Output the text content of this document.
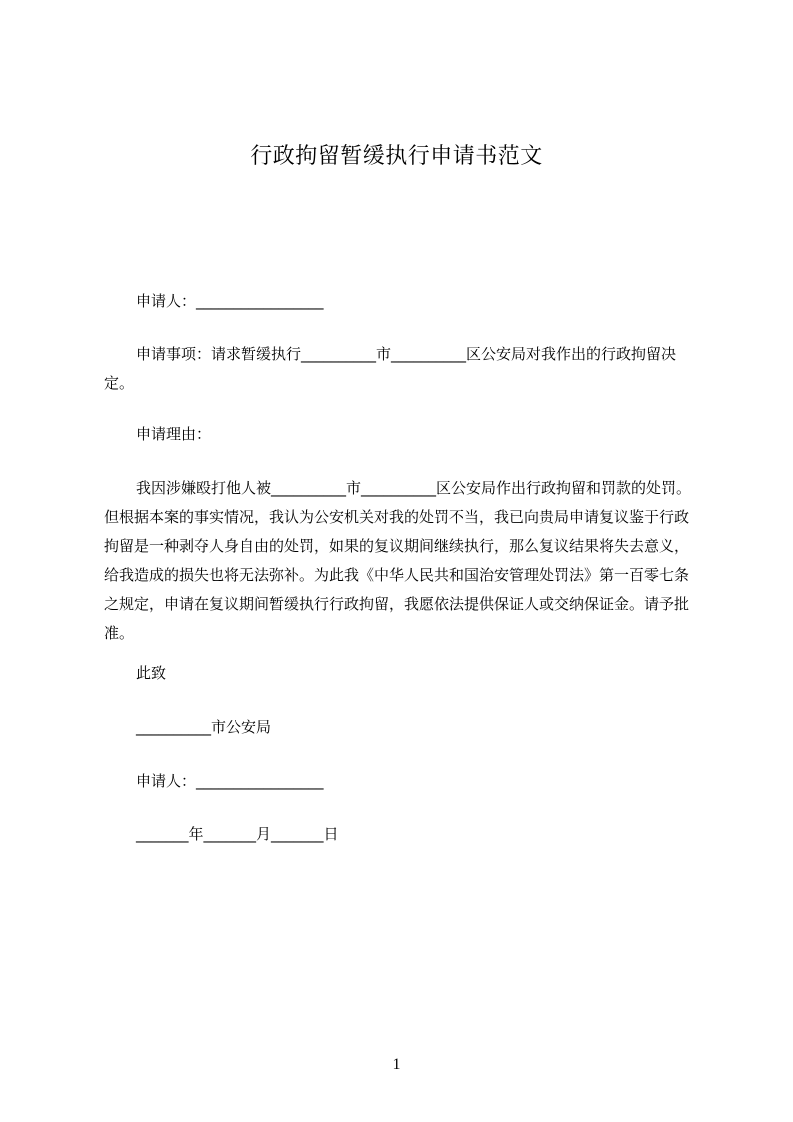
行政拘留暂缓执行申请书范文
申请人：_________________
申请事项：请求暂缓执行__________市__________区公安局对我作出的行政拘留决定。
申请理由：
我因涉嫌殴打他人被__________市__________区公安局作出行政拘留和罚款的处罚。但根据本案的事实情况，我认为公安机关对我的处罚不当，我已向贵局申请复议鉴于行政拘留是一种剥夺人身自由的处罚，如果的复议期间继续执行，那么复议结果将失去意义，给我造成的损失也将无法弥补。为此我《中华人民共和国治安管理处罚法》第一百零七条之规定，申请在复议期间暂缓执行行政拘留，我愿依法提供保证人或交纳保证金。请予批准。
此致
__________市公安局
申请人：_________________
_______年_______月_______日
1
